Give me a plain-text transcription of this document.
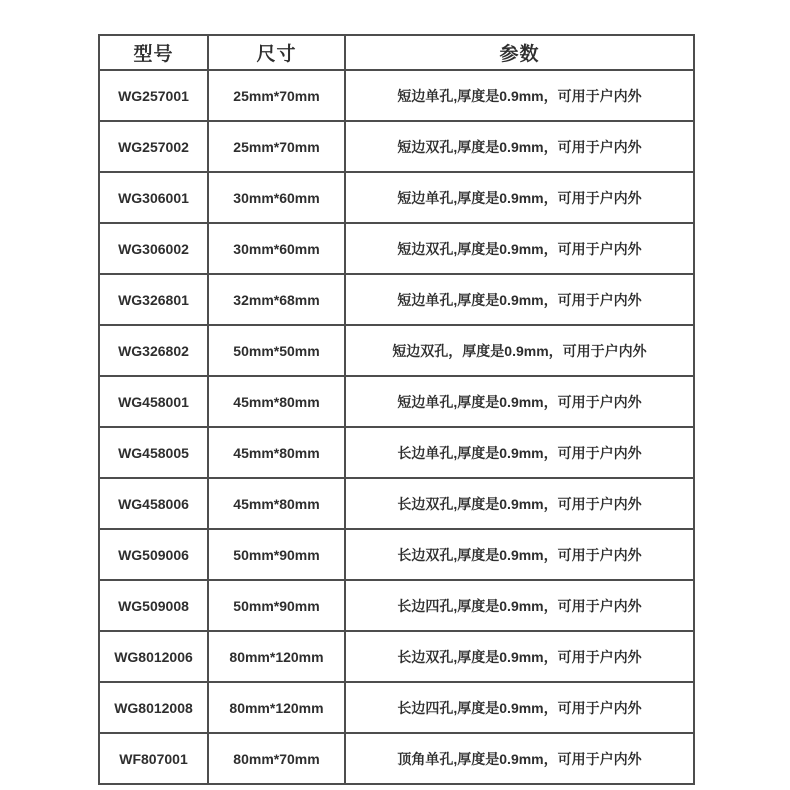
型号	尺寸	参数
WG257001	25mm*70mm	短边单孔,厚度是0.9mm，可用于户内外
WG257002	25mm*70mm	短边双孔,厚度是0.9mm，可用于户内外
WG306001	30mm*60mm	短边单孔,厚度是0.9mm，可用于户内外
WG306002	30mm*60mm	短边双孔,厚度是0.9mm，可用于户内外
WG326801	32mm*68mm	短边单孔,厚度是0.9mm，可用于户内外
WG326802	50mm*50mm	短边双孔，厚度是0.9mm，可用于户内外
WG458001	45mm*80mm	短边单孔,厚度是0.9mm，可用于户内外
WG458005	45mm*80mm	长边单孔,厚度是0.9mm，可用于户内外
WG458006	45mm*80mm	长边双孔,厚度是0.9mm，可用于户内外
WG509006	50mm*90mm	长边双孔,厚度是0.9mm，可用于户内外
WG509008	50mm*90mm	长边四孔,厚度是0.9mm，可用于户内外
WG8012006	80mm*120mm	长边双孔,厚度是0.9mm，可用于户内外
WG8012008	80mm*120mm	长边四孔,厚度是0.9mm，可用于户内外
WF807001	80mm*70mm	顶角单孔,厚度是0.9mm，可用于户内外
